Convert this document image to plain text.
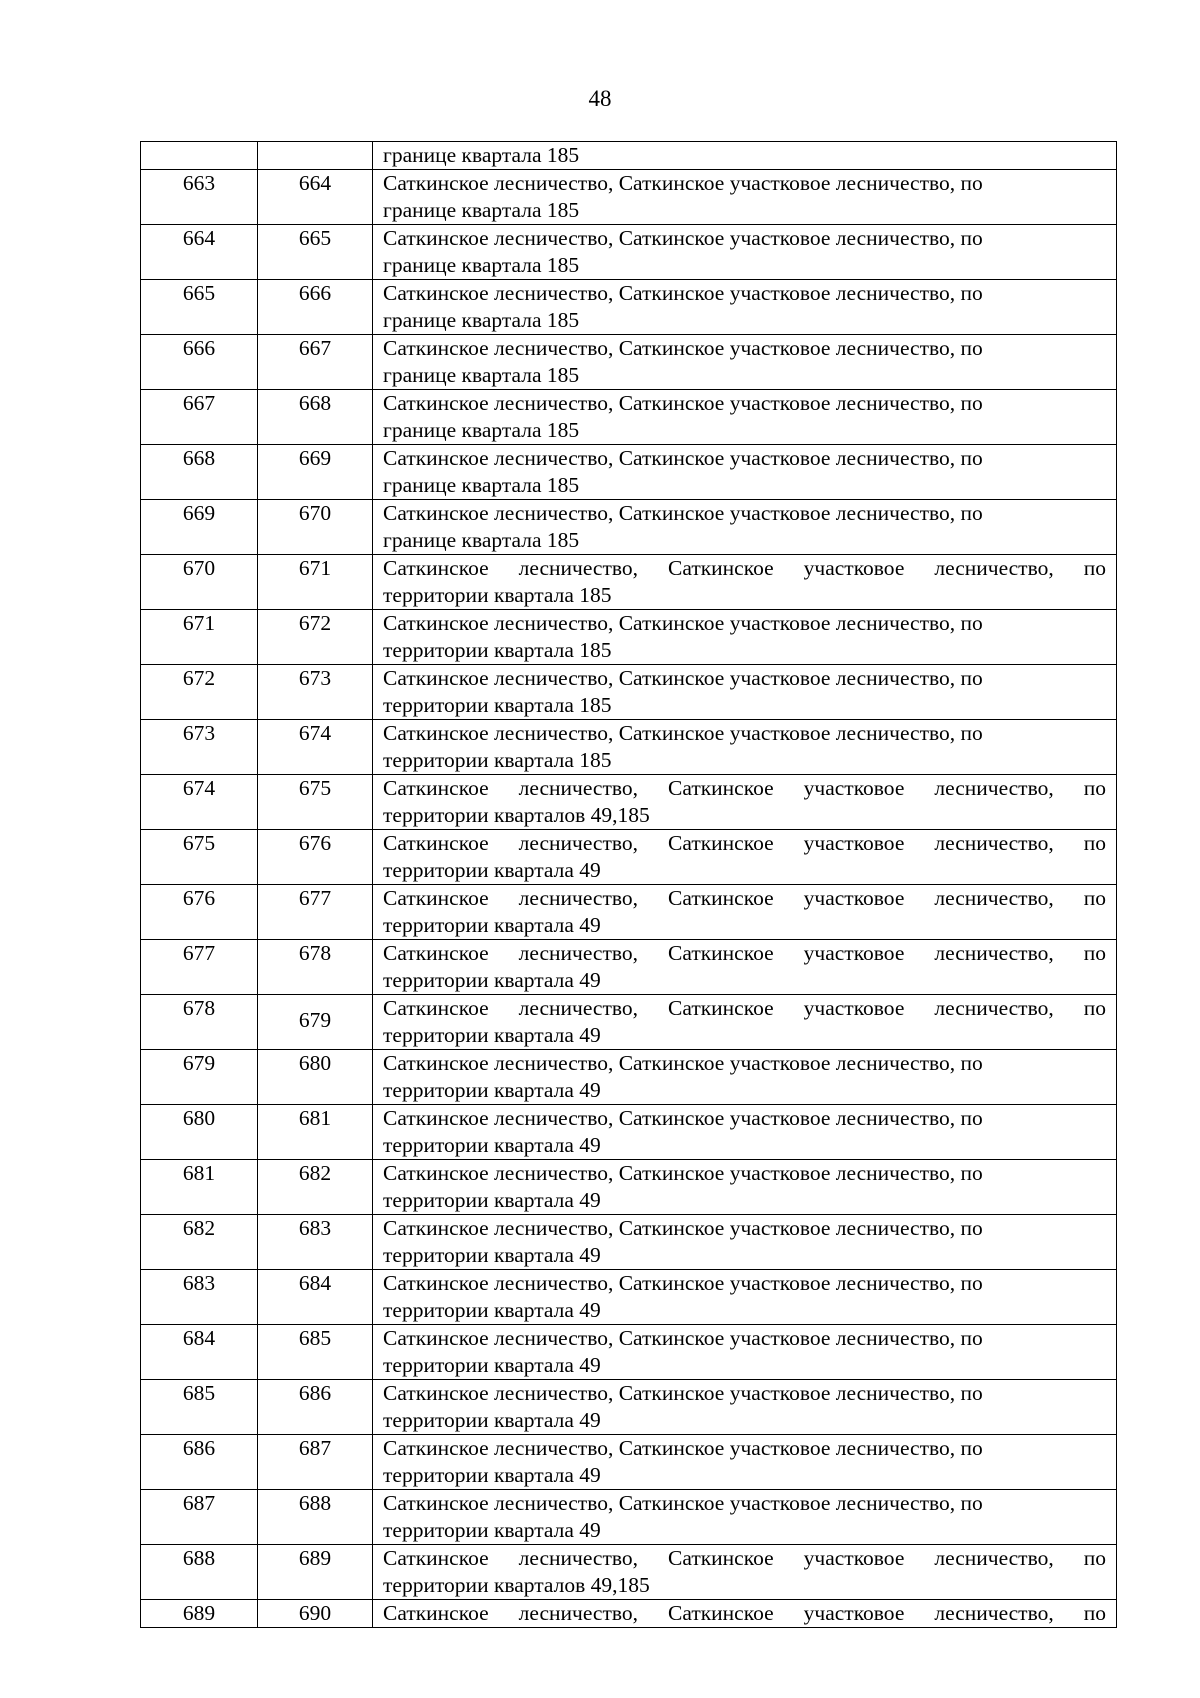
48

		границе квартала 185

663	664	Саткинское лесничество, Саткинское участковое лесничество, по
границе квартала 185

664	665	Саткинское лесничество, Саткинское участковое лесничество, по
границе квартала 185

665	666	Саткинское лесничество, Саткинское участковое лесничество, по
границе квартала 185

666	667	Саткинское лесничество, Саткинское участковое лесничество, по
границе квартала 185

667	668	Саткинское лесничество, Саткинское участковое лесничество, по
границе квартала 185

668	669	Саткинское лесничество, Саткинское участковое лесничество, по
границе квартала 185

669	670	Саткинское лесничество, Саткинское участковое лесничество, по
границе квартала 185

670	671	Саткинское лесничество, Саткинское участковое лесничество, по
территории квартала 185

671	672	Саткинское лесничество, Саткинское участковое лесничество, по
территории квартала 185

672	673	Саткинское лесничество, Саткинское участковое лесничество, по
территории квартала 185

673	674	Саткинское лесничество, Саткинское участковое лесничество, по
территории квартала 185

674	675	Саткинское лесничество, Саткинское участковое лесничество, по
территории кварталов 49,185

675	676	Саткинское лесничество, Саткинское участковое лесничество, по
территории квартала 49

676	677	Саткинское лесничество, Саткинское участковое лесничество, по
территории квартала 49

677	678	Саткинское лесничество, Саткинское участковое лесничество, по
территории квартала 49

678	679	Саткинское лесничество, Саткинское участковое лесничество, по
территории квартала 49

679	680	Саткинское лесничество, Саткинское участковое лесничество, по
территории квартала 49

680	681	Саткинское лесничество, Саткинское участковое лесничество, по
территории квартала 49

681	682	Саткинское лесничество, Саткинское участковое лесничество, по
территории квартала 49

682	683	Саткинское лесничество, Саткинское участковое лесничество, по
территории квартала 49

683	684	Саткинское лесничество, Саткинское участковое лесничество, по
территории квартала 49

684	685	Саткинское лесничество, Саткинское участковое лесничество, по
территории квартала 49

685	686	Саткинское лесничество, Саткинское участковое лесничество, по
территории квартала 49

686	687	Саткинское лесничество, Саткинское участковое лесничество, по
территории квартала 49

687	688	Саткинское лесничество, Саткинское участковое лесничество, по
территории квартала 49

688	689	Саткинское лесничество, Саткинское участковое лесничество, по
территории кварталов 49,185

689	690	Саткинское лесничество, Саткинское участковое лесничество, по
